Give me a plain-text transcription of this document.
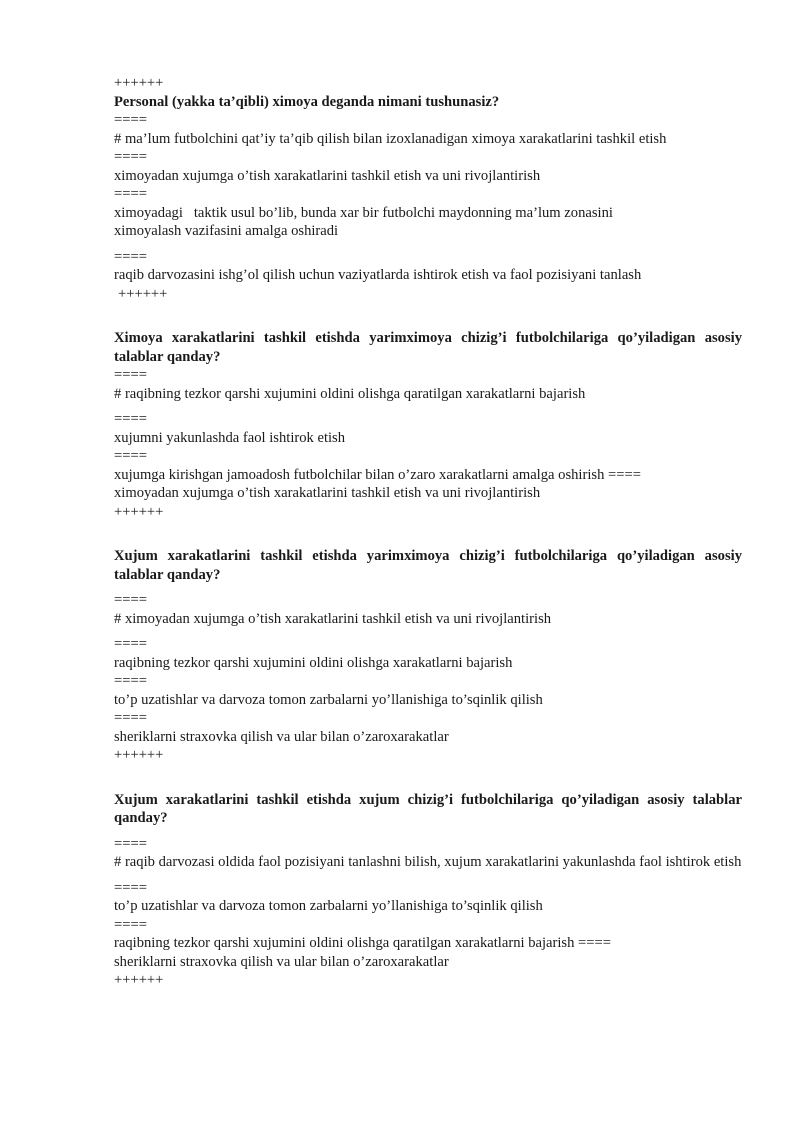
++++++

Personal (yakka ta’qibli) ximoya deganda nimani tushunasiz?

====

# ma’lum futbolchini qat’iy ta’qib qilish bilan izoxlanadigan ximoya xarakatlarini tashkil etish

====

ximoyadan xujumga o’tish xarakatlarini tashkil etish va uni rivojlantirish

====

ximoyadagi   taktik usul bo’lib, bunda xar bir futbolchi maydonning ma’lum zonasini

ximoyalash vazifasini amalga oshiradi

====

raqib darvozasini ishg’ol qilish uchun vaziyatlarda ishtirok etish va faol pozisiyani tanlash

++++++

Ximoya xarakatlarini tashkil etishda yarimximoya chizig’i futbolchilariga qo’yiladigan asosiy talablar qanday?

====

# raqibning tezkor qarshi xujumini oldini olishga qaratilgan xarakatlarni bajarish

====

xujumni yakunlashda faol ishtirok etish

====

xujumga kirishgan jamoadosh futbolchilar bilan o’zaro xarakatlarni amalga oshirish ====

ximoyadan xujumga o’tish xarakatlarini tashkil etish va uni rivojlantirish

++++++

Xujum xarakatlarini tashkil etishda yarimximoya chizig’i futbolchilariga qo’yiladigan asosiy talablar qanday?

====

# ximoyadan xujumga o’tish xarakatlarini tashkil etish va uni rivojlantirish

====

raqibning tezkor qarshi xujumini oldini olishga xarakatlarni bajarish

====

to’p uzatishlar va darvoza tomon zarbalarni yo’llanishiga to’sqinlik qilish

====

sheriklarni straxovka qilish va ular bilan o’zaroxarakatlar

++++++

Xujum xarakatlarini tashkil etishda xujum chizig’i futbolchilariga qo’yiladigan asosiy talablar qanday?

====

# raqib darvozasi oldida faol pozisiyani tanlashni bilish, xujum xarakatlarini yakunlashda faol ishtirok etish

====

to’p uzatishlar va darvoza tomon zarbalarni yo’llanishiga to’sqinlik qilish

====

raqibning tezkor qarshi xujumini oldini olishga qaratilgan xarakatlarni bajarish ====

sheriklarni straxovka qilish va ular bilan o’zaroxarakatlar

++++++
